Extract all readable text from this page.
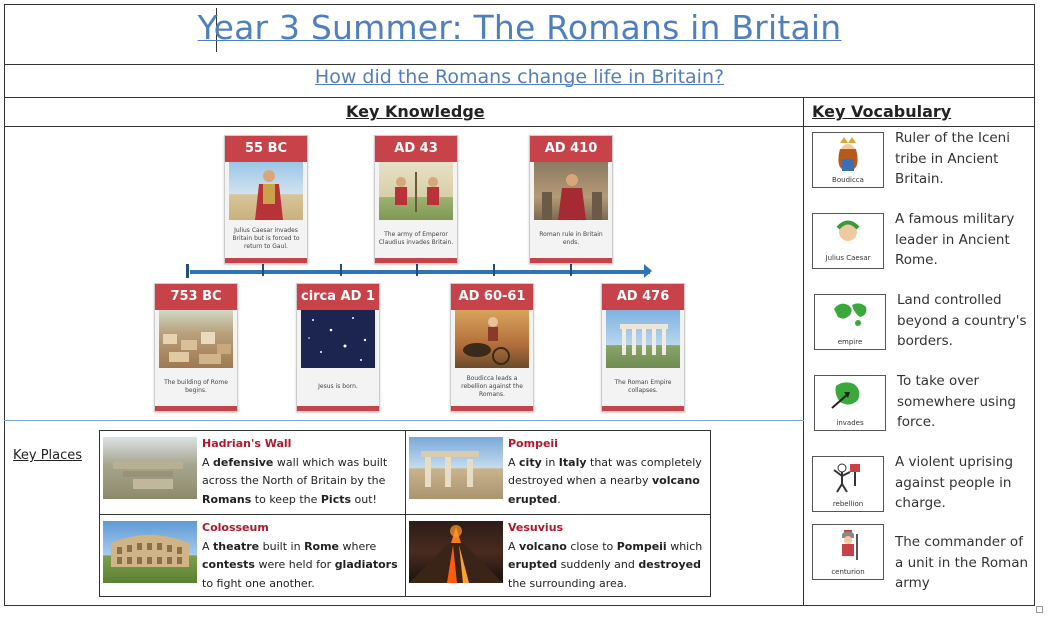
Year 3 Summer: The Romans in Britain
How did the Romans change life in Britain?
Key Knowledge	Key Vocabulary
55 BC
Julius Caesar invades Britain but is forced to return to Gaul.
AD 43
The army of Emperor Claudius invades Britain.
AD 410
Roman rule in Britain ends.
753 BC
The building of Rome begins.
circa AD 1
Jesus is born.
AD 60-61
Boudicca leads a rebellion against the Romans.
AD 476
The Roman Empire collapses.
Key Places
Hadrian's Wall
A defensive wall which was built across the North of Britain by the Romans to keep the Picts out!
Pompeii
A city in Italy that was completely destroyed when a nearby volcano erupted.
Colosseum
A theatre built in Rome where contests were held for gladiators to fight one another.
Vesuvius
A volcano close to Pompeii which erupted suddenly and destroyed the surrounding area.
Boudicca
Ruler of the Iceni tribe in Ancient Britain.
Julius Caesar
A famous military leader in Ancient Rome.
empire
Land controlled beyond a country's borders.
invades
To take over somewhere using force.
rebellion
A violent uprising against people in charge.
centurion
The commander of a unit in the Roman army
